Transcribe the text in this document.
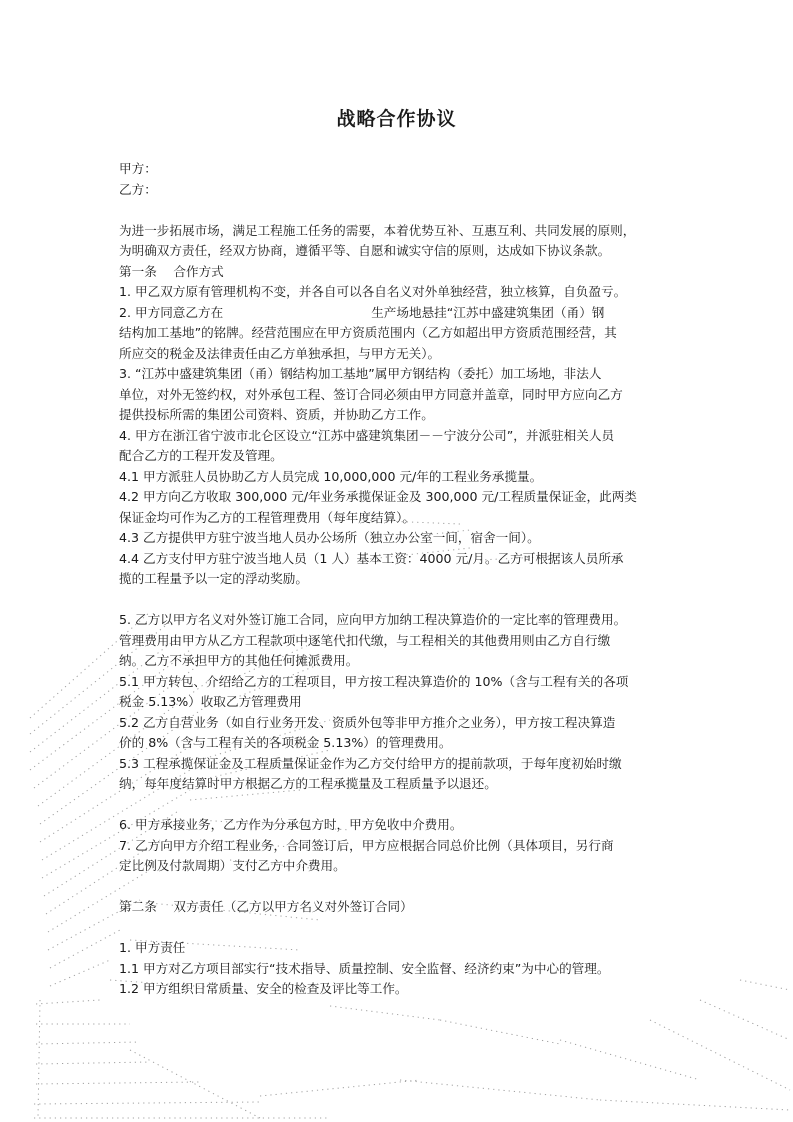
战略合作协议
甲方：
乙方：
为进一步拓展市场，满足工程施工任务的需要，本着优势互补、互惠互利、共同发展的原则，
为明确双方责任，经双方协商，遵循平等、自愿和诚实守信的原则，达成如下协议条款。
第一条　 合作方式
1. 甲乙双方原有管理机构不变，并各自可以各自名义对外单独经营，独立核算，自负盈亏。
2. 甲方同意乙方在	生产场地悬挂“江苏中盛建筑集团（甬）钢
结构加工基地”的铭牌。经营范围应在甲方资质范围内（乙方如超出甲方资质范围经营，其
所应交的税金及法律责任由乙方单独承担，与甲方无关）。
3. “江苏中盛建筑集团（甬）钢结构加工基地”属甲方钢结构（委托）加工场地，非法人
单位，对外无签约权，对外承包工程、签订合同必须由甲方同意并盖章，同时甲方应向乙方
提供投标所需的集团公司资料、资质，并协助乙方工作。
4. 甲方在浙江省宁波市北仑区设立“江苏中盛建筑集团－－宁波分公司”，并派驻相关人员
配合乙方的工程开发及管理。
4.1 甲方派驻人员协助乙方人员完成 10,000,000 元/年的工程业务承揽量。
4.2 甲方向乙方收取 300,000 元/年业务承揽保证金及 300,000 元/工程质量保证金，此两类
保证金均可作为乙方的工程管理费用（每年度结算）。
4.3 乙方提供甲方驻宁波当地人员办公场所（独立办公室一间，宿舍一间）。
4.4 乙方支付甲方驻宁波当地人员（1 人）基本工资：4000 元/月。乙方可根据该人员所承
揽的工程量予以一定的浮动奖励。
5. 乙方以甲方名义对外签订施工合同，应向甲方加纳工程决算造价的一定比率的管理费用。
管理费用由甲方从乙方工程款项中逐笔代扣代缴，与工程相关的其他费用则由乙方自行缴
纳。乙方不承担甲方的其他任何摊派费用。
5.1 甲方转包、介绍给乙方的工程项目，甲方按工程决算造价的 10%（含与工程有关的各项
税金 5.13%）收取乙方管理费用
5.2 乙方自营业务（如自行业务开发、资质外包等非甲方推介之业务），甲方按工程决算造
价的 8%（含与工程有关的各项税金 5.13%）的管理费用。
5.3 工程承揽保证金及工程质量保证金作为乙方交付给甲方的提前款项，于每年度初始时缴
纳，每年度结算时甲方根据乙方的工程承揽量及工程质量予以退还。
6. 甲方承接业务，乙方作为分承包方时，甲方免收中介费用。
7. 乙方向甲方介绍工程业务，合同签订后，甲方应根据合同总价比例（具体项目，另行商
定比例及付款周期）支付乙方中介费用。
第二条　 双方责任（乙方以甲方名义对外签订合同）
1. 甲方责任
1.1 甲方对乙方项目部实行“技术指导、质量控制、安全监督、经济约束”为中心的管理。
1.2 甲方组织日常质量、安全的检查及评比等工作。
